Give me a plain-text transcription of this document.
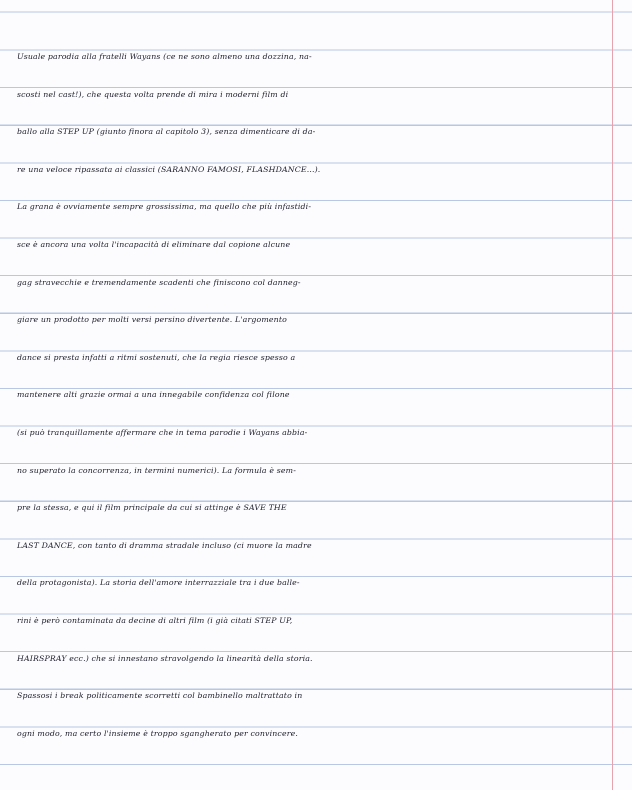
Usuale parodia alla fratelli Wayans (ce ne sono almeno una dozzina, na-
scosti nel cast!), che questa volta prende di mira i moderni film di
ballo alla STEP UP (giunto finora al capitolo 3), senza dimenticare di da-
re una veloce ripassata ai classici (SARANNO FAMOSI, FLASHDANCE...).
La grana è ovviamente sempre grossissima, ma quello che più infastidi-
sce è ancora una volta l'incapacità di eliminare dal copione alcune
gag stravecchie e tremendamente scadenti che finiscono col danneg-
giare un prodotto per molti versi persino divertente. L'argomento
dance si presta infatti a ritmi sostenuti, che la regia riesce spesso a
mantenere alti grazie ormai a una innegabile confidenza col filone
(si può tranquillamente affermare che in tema parodie i Wayans abbia-
no superato la concorrenza, in termini numerici). La formula è sem-
pre la stessa, e qui il film principale da cui si attinge è SAVE THE
LAST DANCE, con tanto di dramma stradale incluso (ci muore la madre
della protagonista). La storia dell'amore interrazziale tra i due balle-
rini è però contaminata da decine di altri film (i già citati STEP UP,
HAIRSPRAY ecc.) che si innestano stravolgendo la linearità della storia.
Spassosi i break politicamente scorretti col bambinello maltrattato in
ogni modo, ma certo l'insieme è troppo sgangherato per convincere.
